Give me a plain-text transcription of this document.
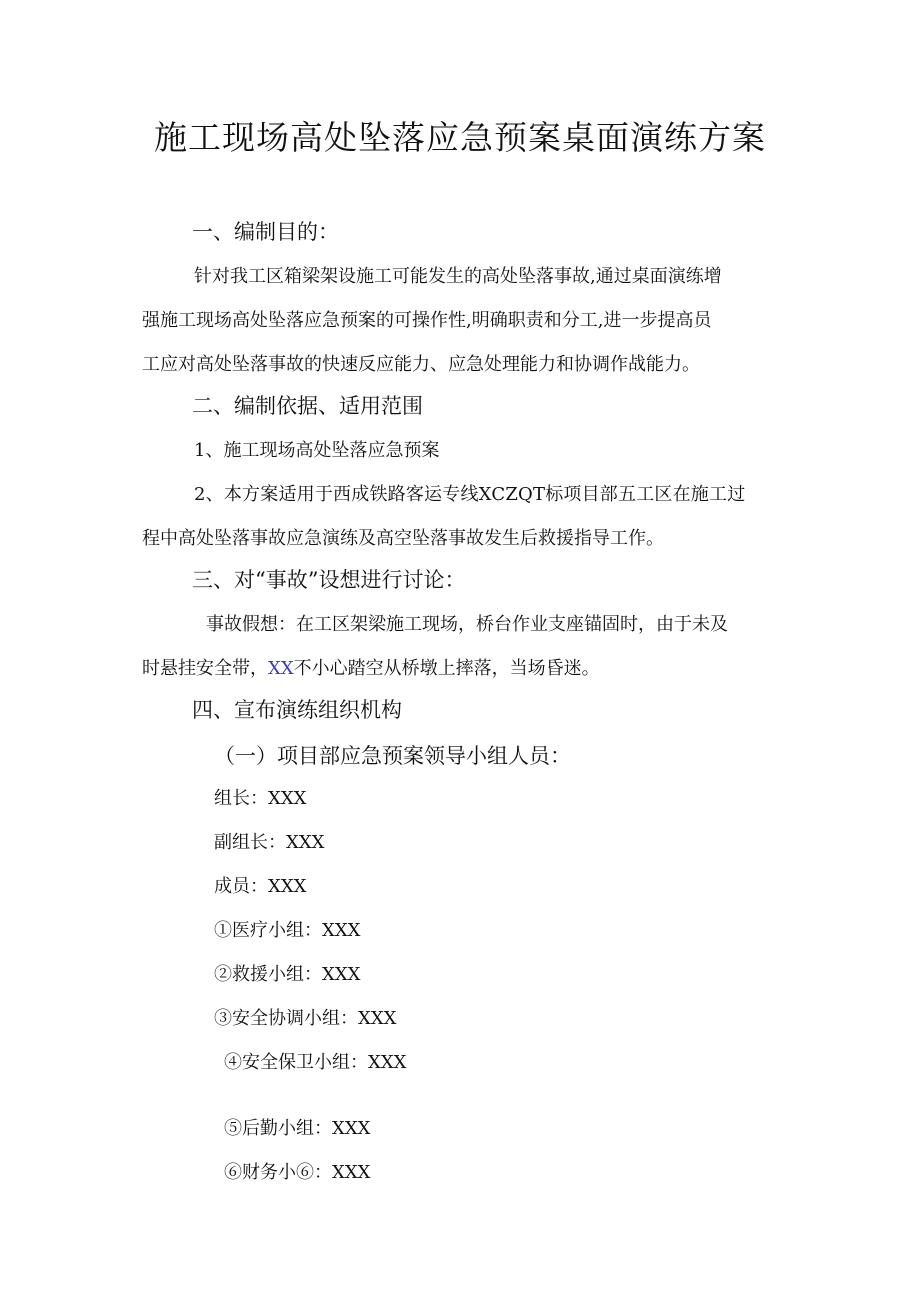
施工现场高处坠落应急预案桌面演练方案
一、编制目的：
针对我工区箱梁架设施工可能发生的高处坠落事故,通过桌面演练增
强施工现场高处坠落应急预案的可操作性,明确职责和分工,进一步提高员
工应对高处坠落事故的快速反应能力、应急处理能力和协调作战能力。
二、编制依据、适用范围
1、施工现场高处坠落应急预案
2、本方案适用于西成铁路客运专线XCZQT标项目部五工区在施工过
程中高处坠落事故应急演练及高空坠落事故发生后救援指导工作。
三、对“事故”设想进行讨论：
事故假想：在工区架梁施工现场，桥台作业支座锚固时，由于未及
时悬挂安全带，XX不小心踏空从桥墩上摔落，当场昏迷。
四、宣布演练组织机构
（一）项目部应急预案领导小组人员：
组长：XXX
副组长：XXX
成员：XXX
①医疗小组：XXX
②救援小组：XXX
③安全协调小组：XXX
④安全保卫小组：XXX
⑤后勤小组：XXX
⑥财务小⑥：XXX
